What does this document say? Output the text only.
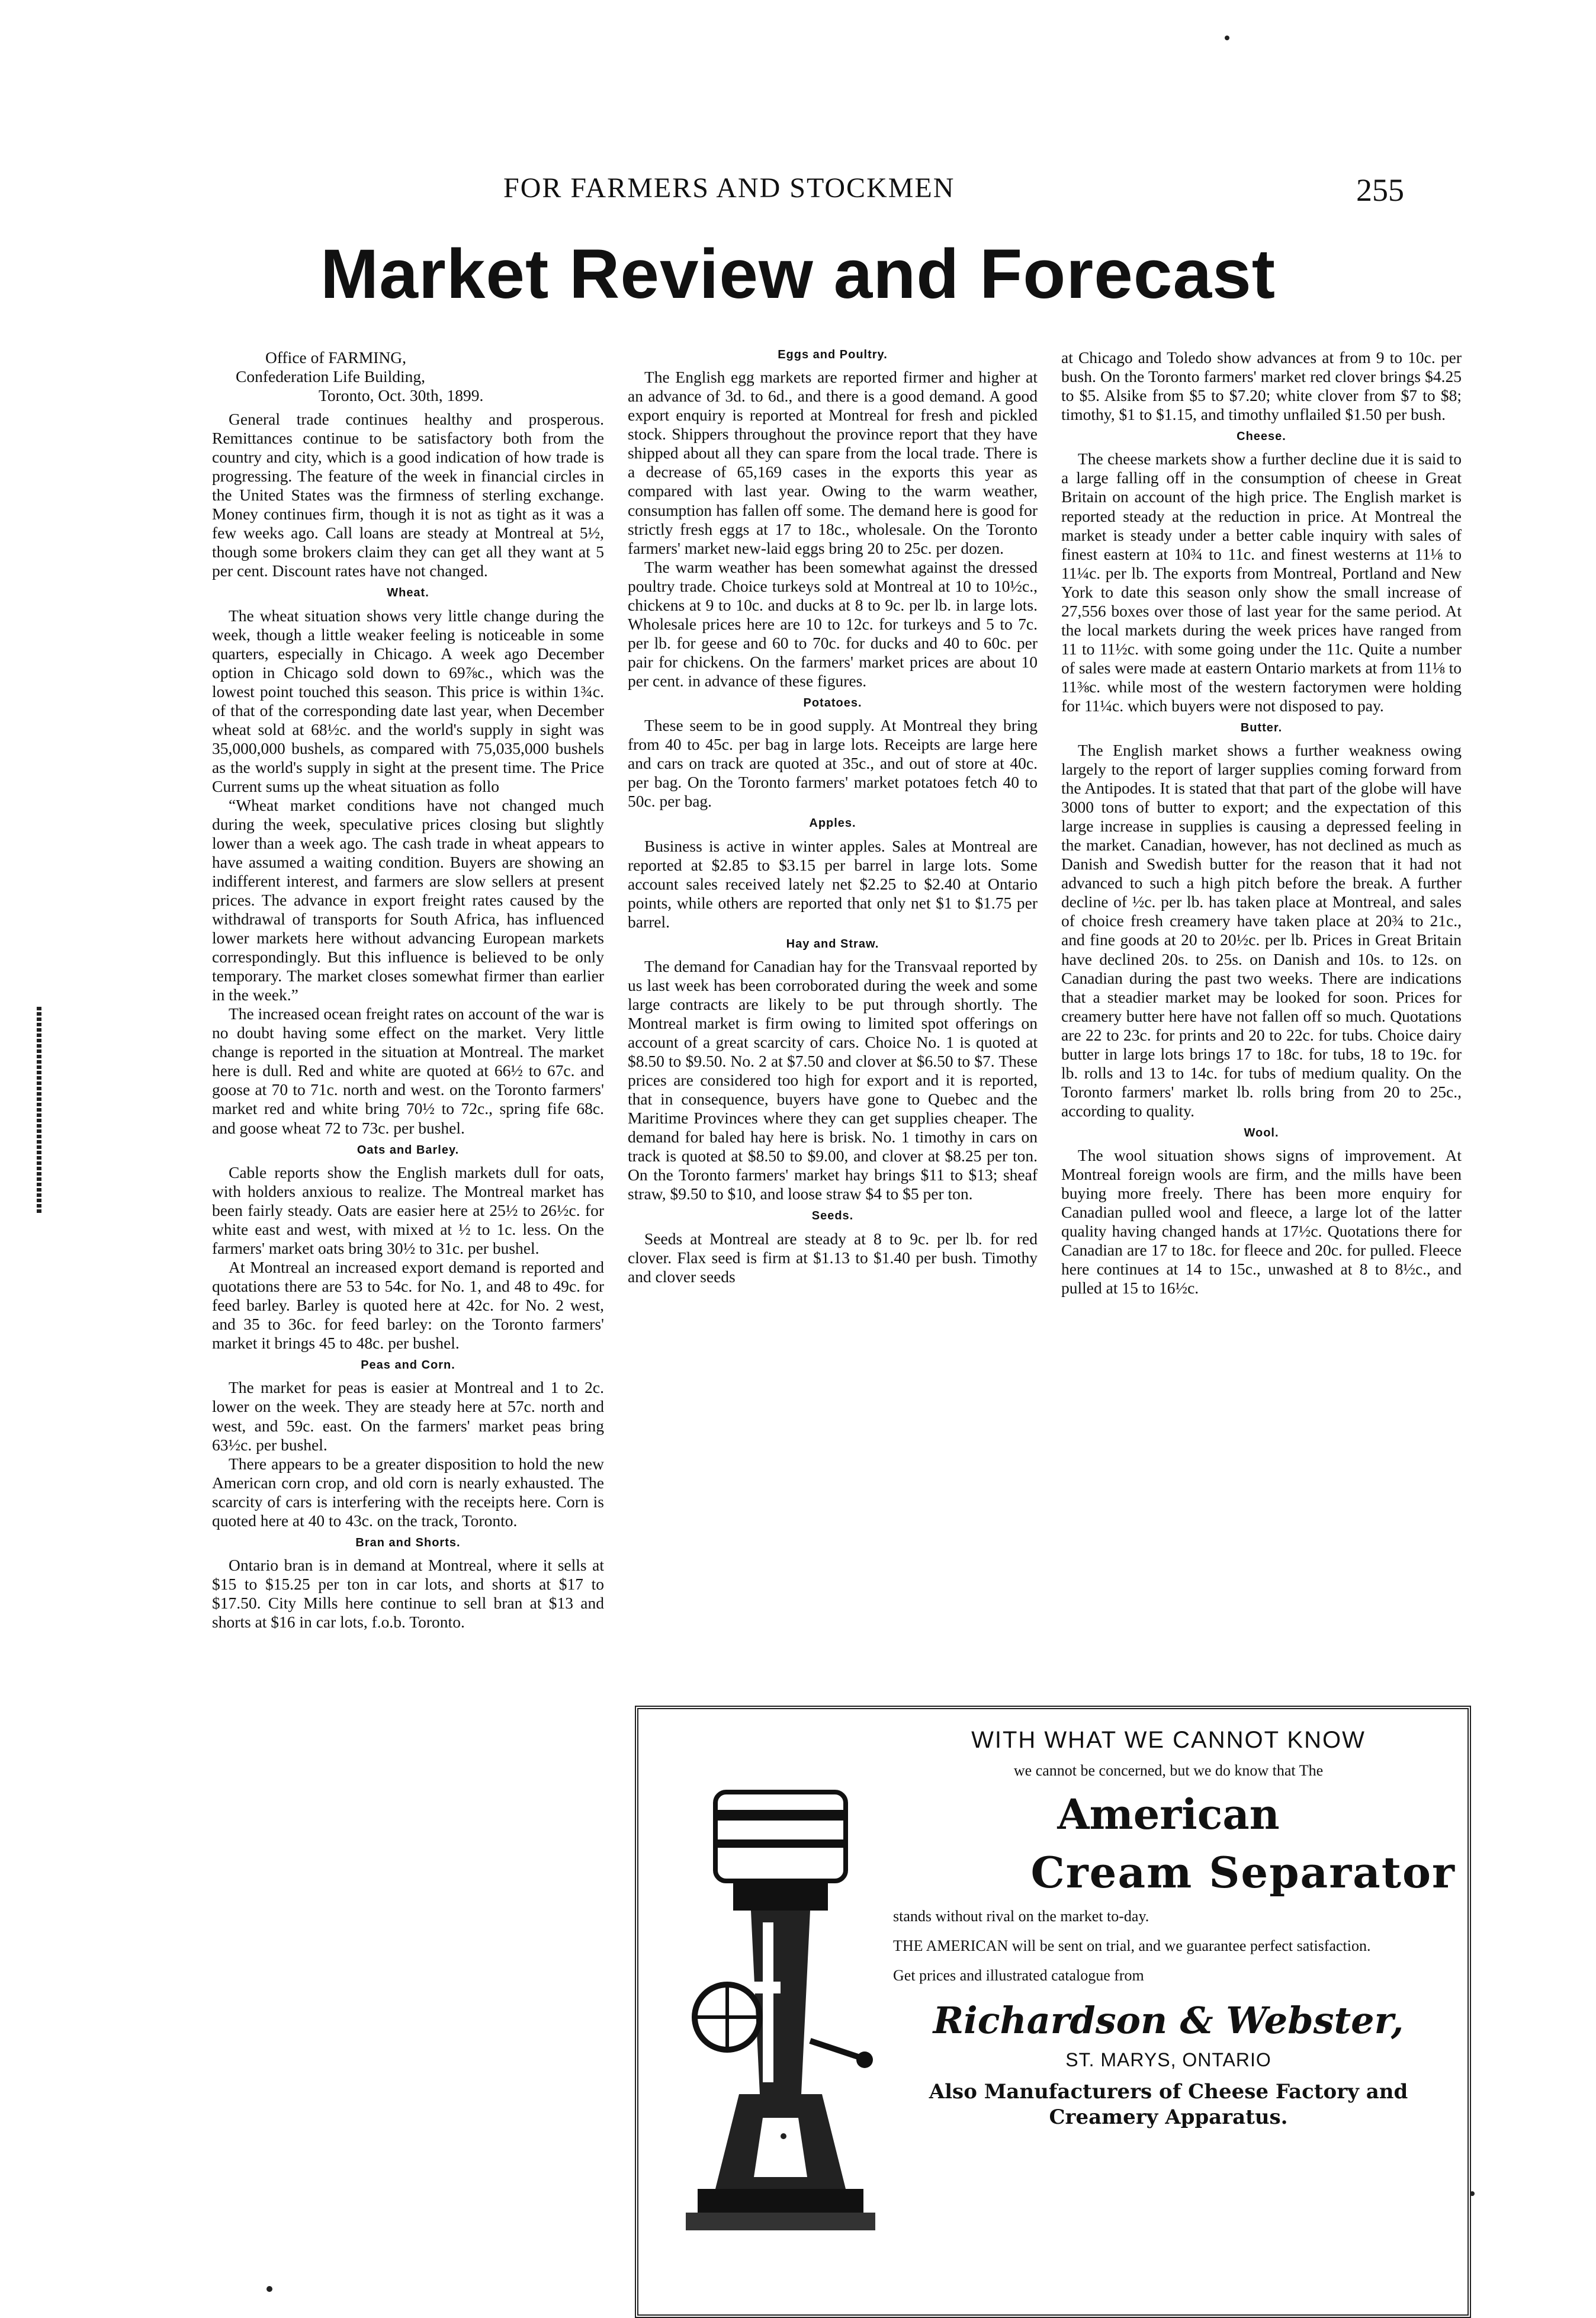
FOR FARMERS AND STOCKMEN	255
Market Review and Forecast
Office of FARMING,
Confederation Life Building,
Toronto, Oct. 30th, 1899.

General trade continues healthy and prosperous. Remittances continue to be satisfactory both from the country and city, which is a good indication of how trade is progressing. The feature of the week in financial circles in the United States was the firmness of sterling exchange. Money continues firm, though it is not as tight as it was a few weeks ago. Call loans are steady at Montreal at 5½, though some brokers claim they can get all they want at 5 per cent. Discount rates have not changed.

Wheat.

The wheat situation shows very little change during the week, though a little weaker feeling is noticeable in some quarters, especially in Chicago. A week ago December option in Chicago sold down to 69⅞c., which was the lowest point touched this season. This price is within 1¾c. of that of the corresponding date last year, when December wheat sold at 68½c. and the world's supply in sight was 35,000,000 bushels, as compared with 75,035,000 bushels as the world's supply in sight at the present time. The Price Current sums up the wheat situation as follo

“Wheat market conditions have not changed much during the week, speculative prices closing but slightly lower than a week ago. The cash trade in wheat appears to have assumed a waiting condition. Buyers are showing an indifferent interest, and farmers are slow sellers at present prices. The advance in export freight rates caused by the withdrawal of transports for South Africa, has influenced lower markets here without advancing European markets correspondingly. But this influence is believed to be only temporary. The market closes somewhat firmer than earlier in the week.”

The increased ocean freight rates on account of the war is no doubt having some effect on the market. Very little change is reported in the situation at Montreal. The market here is dull. Red and white are quoted at 66½ to 67c. and goose at 70 to 71c. north and west. on the Toronto farmers' market red and white bring 70½ to 72c., spring fife 68c. and goose wheat 72 to 73c. per bushel.

Oats and Barley.

Cable reports show the English markets dull for oats, with holders anxious to realize. The Montreal market has been fairly steady. Oats are easier here at 25½ to 26½c. for white east and west, with mixed at ½ to 1c. less. On the farmers' market oats bring 30½ to 31c. per bushel.

At Montreal an increased export demand is reported and quotations there are 53 to 54c. for No. 1, and 48 to 49c. for feed barley. Barley is quoted here at 42c. for No. 2 west, and 35 to 36c. for feed barley: on the Toronto farmers' market it brings 45 to 48c. per bushel.

Peas and Corn.

The market for peas is easier at Montreal and 1 to 2c. lower on the week. They are steady here at 57c. north and west, and 59c. east. On the farmers' market peas bring 63½c. per bushel.

There appears to be a greater disposition to hold the new American corn crop, and old corn is nearly exhausted. The scarcity of cars is interfering with the receipts here. Corn is quoted here at 40 to 43c. on the track, Toronto.

Bran and Shorts.

Ontario bran is in demand at Montreal, where it sells at $15 to $15.25 per ton in car lots, and shorts at $17 to $17.50. City Mills here continue to sell bran at $13 and shorts at $16 in car lots, f.o.b. Toronto.

Eggs and Poultry.

The English egg markets are reported firmer and higher at an advance of 3d. to 6d., and there is a good demand. A good export enquiry is reported at Montreal for fresh and pickled stock. Shippers throughout the province report that they have shipped about all they can spare from the local trade. There is a decrease of 65,169 cases in the exports this year as compared with last year. Owing to the warm weather, consumption has fallen off some. The demand here is good for strictly fresh eggs at 17 to 18c., wholesale. On the Toronto farmers' market new-laid eggs bring 20 to 25c. per dozen.

The warm weather has been somewhat against the dressed poultry trade. Choice turkeys sold at Montreal at 10 to 10½c., chickens at 9 to 10c. and ducks at 8 to 9c. per lb. in large lots. Wholesale prices here are 10 to 12c. for turkeys and 5 to 7c. per lb. for geese and 60 to 70c. for ducks and 40 to 60c. per pair for chickens. On the farmers' market prices are about 10 per cent. in advance of these figures.

Potatoes.

These seem to be in good supply. At Montreal they bring from 40 to 45c. per bag in large lots. Receipts are large here and cars on track are quoted at 35c., and out of store at 40c. per bag. On the Toronto farmers' market potatoes fetch 40 to 50c. per bag.

Apples.

Business is active in winter apples. Sales at Montreal are reported at $2.85 to $3.15 per barrel in large lots. Some account sales received lately net $2.25 to $2.40 at Ontario points, while others are reported that only net $1 to $1.75 per barrel.

Hay and Straw.

The demand for Canadian hay for the Transvaal reported by us last week has been corroborated during the week and some large contracts are likely to be put through shortly. The Montreal market is firm owing to limited spot offerings on account of a great scarcity of cars. Choice No. 1 is quoted at $8.50 to $9.50. No. 2 at $7.50 and clover at $6.50 to $7. These prices are considered too high for export and it is reported, that in consequence, buyers have gone to Quebec and the Maritime Provinces where they can get supplies cheaper. The demand for baled hay here is brisk. No. 1 timothy in cars on track is quoted at $8.50 to $9.00, and clover at $8.25 per ton. On the Toronto farmers' market hay brings $11 to $13; sheaf straw, $9.50 to $10, and loose straw $4 to $5 per ton.

Seeds.

Seeds at Montreal are steady at 8 to 9c. per lb. for red clover. Flax seed is firm at $1.13 to $1.40 per bush. Timothy and clover seeds

at Chicago and Toledo show advances at from 9 to 10c. per bush. On the Toronto farmers' market red clover brings $4.25 to $5. Alsike from $5 to $7.20; white clover from $7 to $8; timothy, $1 to $1.15, and timothy unflailed $1.50 per bush.

Cheese.

The cheese markets show a further decline due it is said to a large falling off in the consumption of cheese in Great Britain on account of the high price. The English market is reported steady at the reduction in price. At Montreal the market is steady under a better cable inquiry with sales of finest eastern at 10¾ to 11c. and finest westerns at 11⅛ to 11¼c. per lb. The exports from Montreal, Portland and New York to date this season only show the small increase of 27,556 boxes over those of last year for the same period. At the local markets during the week prices have ranged from 11 to 11½c. with some going under the 11c. Quite a number of sales were made at eastern Ontario markets at from 11⅛ to 11⅜c. while most of the western factorymen were holding for 11¼c. which buyers were not disposed to pay.

Butter.

The English market shows a further weakness owing largely to the report of larger supplies coming forward from the Antipodes. It is stated that that part of the globe will have 3000 tons of butter to export; and the expectation of this large increase in supplies is causing a depressed feeling in the market. Canadian, however, has not declined as much as Danish and Swedish butter for the reason that it had not advanced to such a high pitch before the break. A further decline of ½c. per lb. has taken place at Montreal, and sales of choice fresh creamery have taken place at 20¾ to 21c., and fine goods at 20 to 20½c. per lb. Prices in Great Britain have declined 20s. to 25s. on Danish and 10s. to 12s. on Canadian during the past two weeks. There are indications that a steadier market may be looked for soon. Prices for creamery butter here have not fallen off so much. Quotations are 22 to 23c. for prints and 20 to 22c. for tubs. Choice dairy butter in large lots brings 17 to 18c. for tubs, 18 to 19c. for lb. rolls and 13 to 14c. for tubs of medium quality. On the Toronto farmers' market lb. rolls bring from 20 to 25c., according to quality.

Wool.

The wool situation shows signs of improvement. At Montreal foreign wools are firm, and the mills have been buying more freely. There has been more enquiry for Canadian pulled wool and fleece, a large lot of the latter quality having changed hands at 17½c. Quotations there for Canadian are 17 to 18c. for fleece and 20c. for pulled. Fleece here continues at 14 to 15c., unwashed at 8 to 8½c., and pulled at 15 to 16½c.

WITH WHAT WE CANNOT KNOW
we cannot be concerned, but we do know that The
American
Cream Separator
stands without rival on the market to-day.
THE AMERICAN will be sent on trial, and we guarantee perfect satisfaction.
Get prices and illustrated catalogue from
Richardson & Webster,
ST. MARYS, ONTARIO
Also Manufacturers of Cheese Factory and Creamery Apparatus.
